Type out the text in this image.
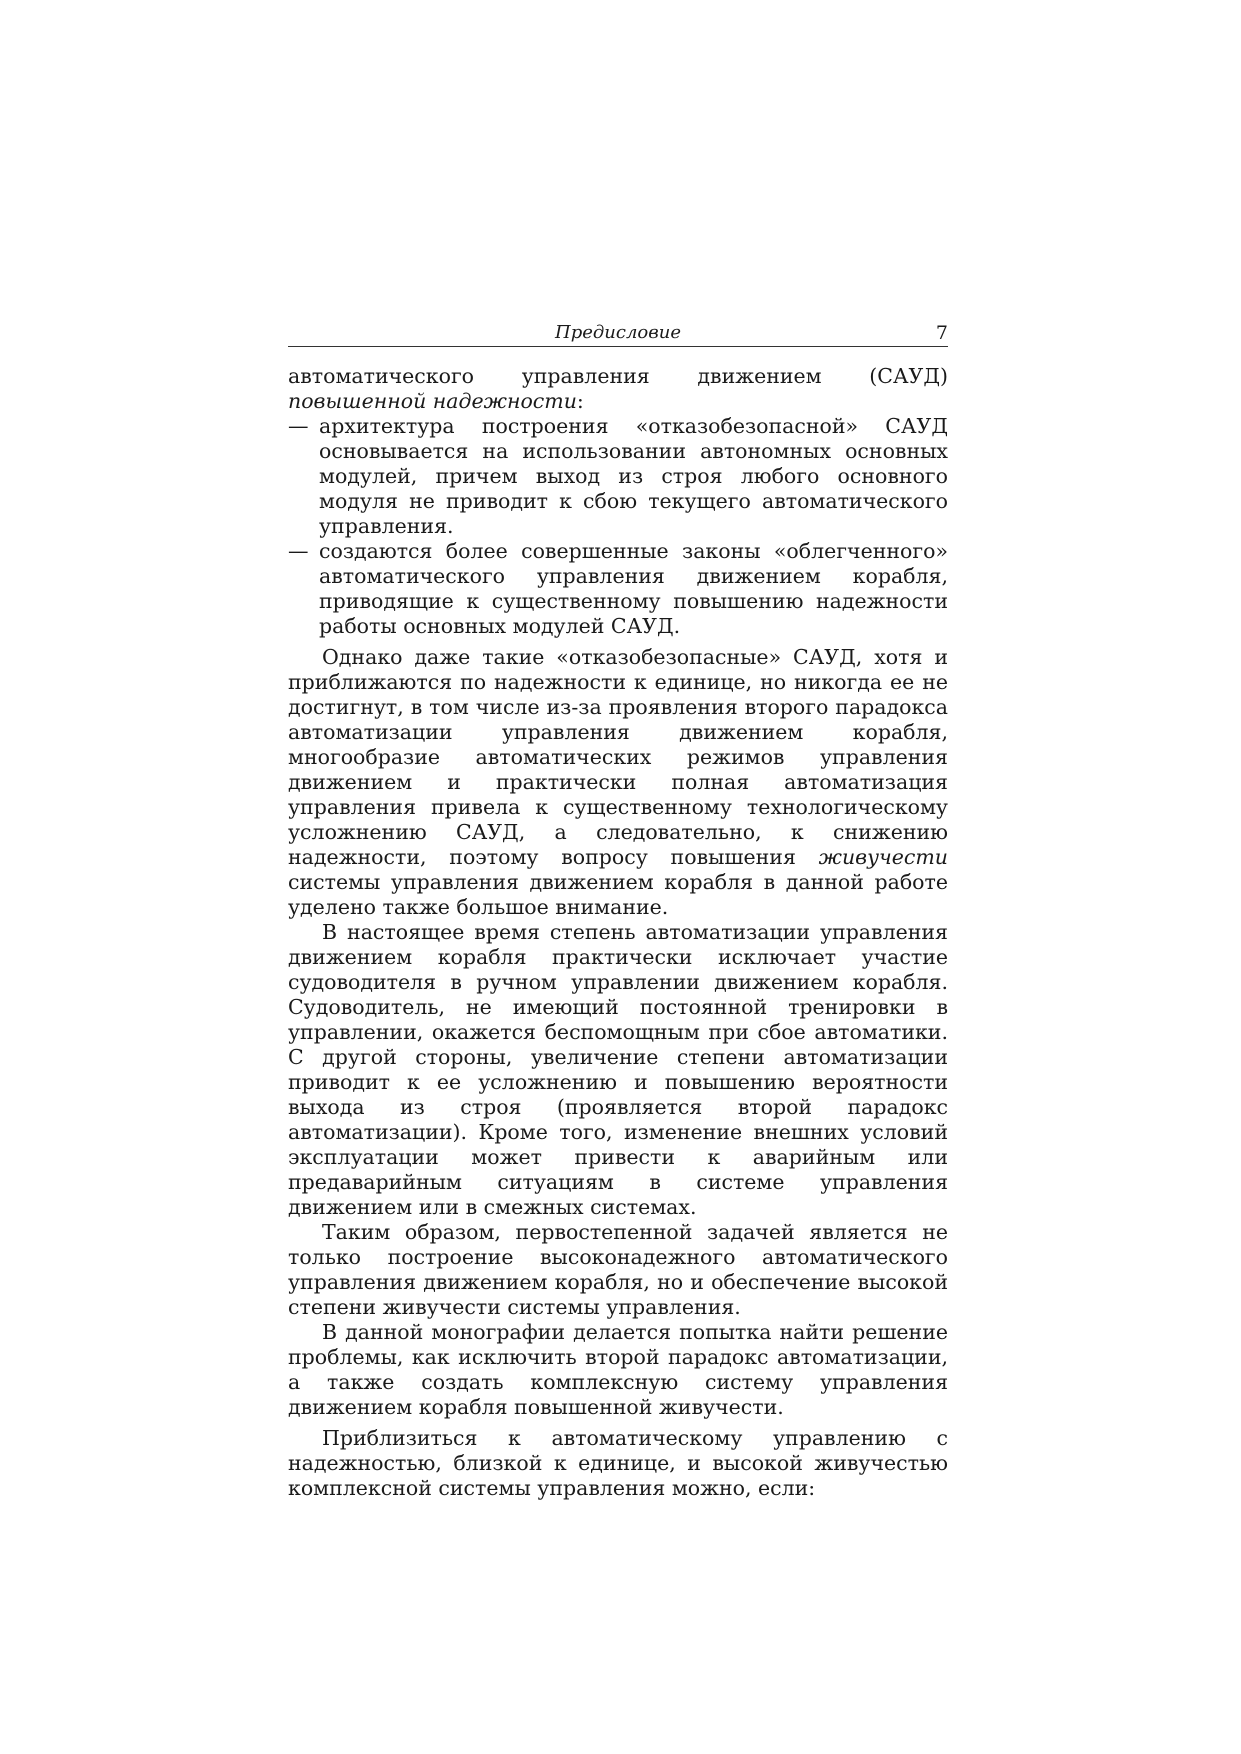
Предисловие	7

автоматического управления движением (САУД) повышенной надежности:

— архитектура построения «отказобезопасной» САУД основывается на использовании автономных основных модулей, причем выход из строя любого основного модуля не приводит к сбою текущего автоматического управления.
— создаются более совершенные законы «облегченного» автоматического управления движением корабля, приводящие к существенному повышению надежности работы основных модулей САУД.

Однако даже такие «отказобезопасные» САУД, хотя и приближаются по надежности к единице, но никогда ее не достигнут, в том числе из-за проявления второго парадокса автоматизации управления движением корабля, многообразие автоматических режимов управления движением и практически полная автоматизация управления привела к существенному технологическому усложнению САУД, а следовательно, к снижению надежности, поэтому вопросу повышения живучести системы управления движением корабля в данной работе уделено также большое внимание.

В настоящее время степень автоматизации управления движением корабля практически исключает участие судоводителя в ручном управлении движением корабля. Судоводитель, не имеющий постоянной тренировки в управлении, окажется беспомощным при сбое автоматики. С другой стороны, увеличение степени автоматизации приводит к ее усложнению и повышению вероятности выхода из строя (проявляется второй парадокс автоматизации). Кроме того, изменение внешних условий эксплуатации может привести к аварийным или предаварийным ситуациям в системе управления движением или в смежных системах.

Таким образом, первостепенной задачей является не только построение высоконадежного автоматического управления движением корабля, но и обеспечение высокой степени живучести системы управления.

В данной монографии делается попытка найти решение проблемы, как исключить второй парадокс автоматизации, а также создать комплексную систему управления движением корабля повышенной живучести.

Приблизиться к автоматическому управлению с надежностью, близкой к единице, и высокой живучестью комплексной системы управления можно, если:
